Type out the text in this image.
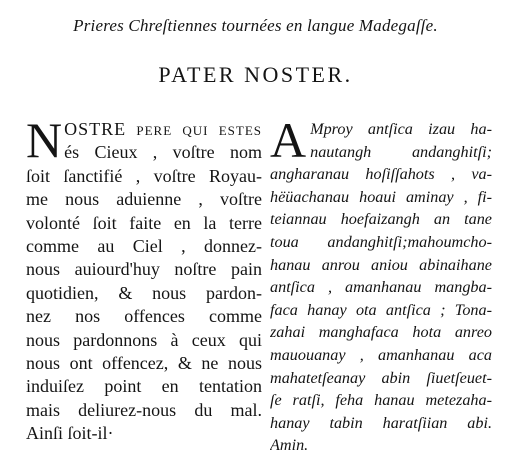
Prieres Chreſtiennes tournées en langue Madegaſſe.
PATER NOSTER.
N OSTRE pere qui eſtes
és Cieux , voſtre nom
ſoit ſanctifié , voſtre Royau-
me nous aduienne , voſtre
volonté ſoit faite en la terre
comme au Ciel , donnez-
nous auiourd'huy noſtre pain
quotidien, & nous pardon-
nez nos offences comme
nous pardonnons à ceux qui
nous ont offencez, & ne nous
induiſez point en tentation
mais deliurez-nous du mal.
Ainſi ſoit-il·
A Mproy antſica izau ha-
nautangh andanghitſi;
angharanau hoſiſſahots , va-
hëüachanau hoaui aminay , fi-
teiannau hoefaizangh an tane
toua andanghitſi;mahoumcho-
hanau anrou aniou abinaihane
antſica , amanhanau mangba-
faca hanay ota antſica ; Tona-
zahai manghafaca hota anreo
mauouanay , amanhanau aca
mahatetſeanay abin ſiuetſeuet-
ſe ratſi, feha hanau metezaha-
hanay tabin haratſiian abi.
Amin.
